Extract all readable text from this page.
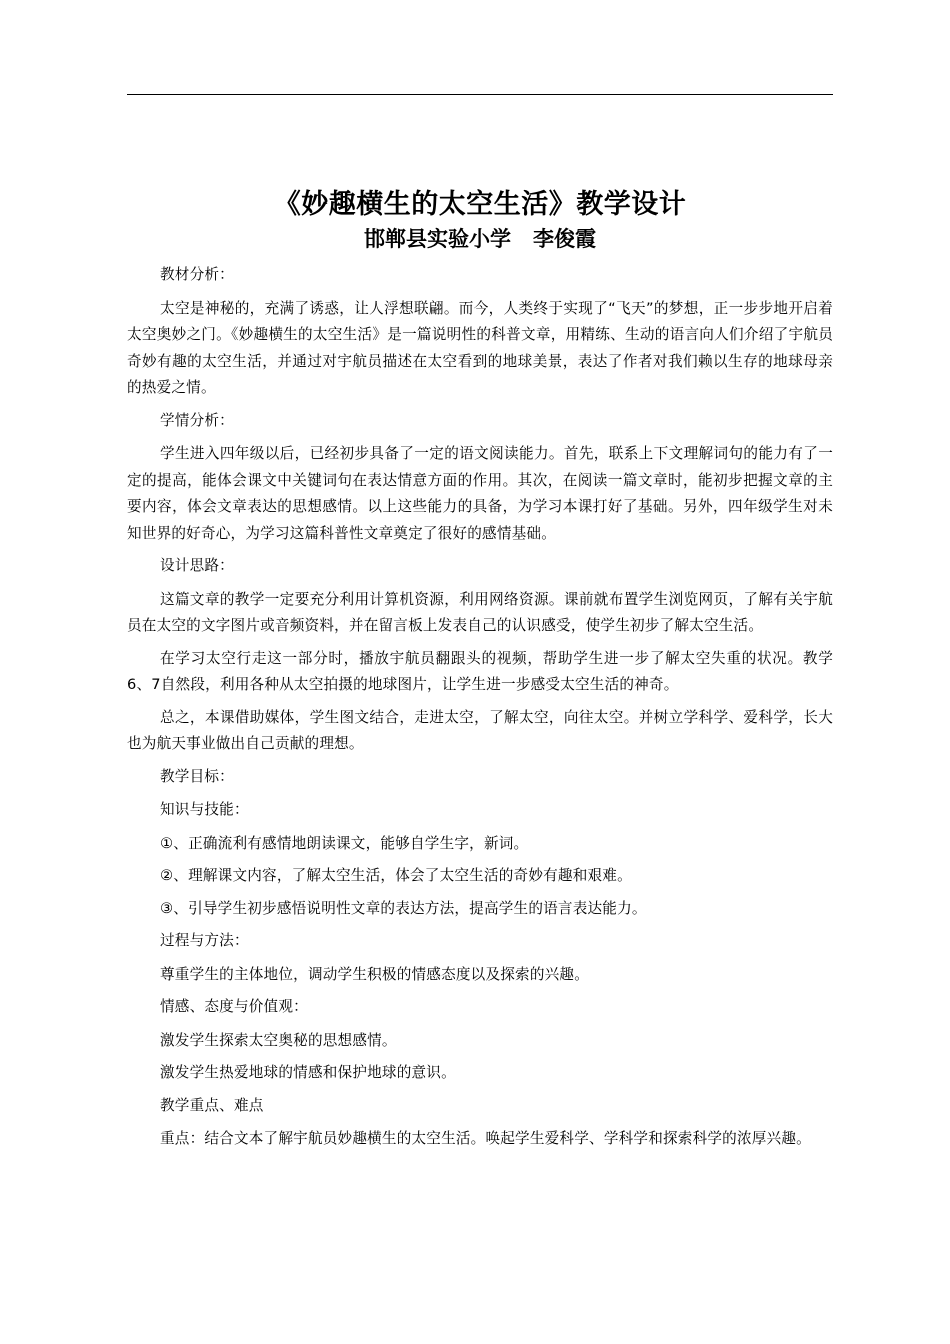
《妙趣横生的太空生活》教学设计

邯郸县实验小学   李俊霞

教材分析：

太空是神秘的，充满了诱惑，让人浮想联翩。而今，人类终于实现了“飞天”的梦想，正一步步地开启着太空奥妙之门。《妙趣横生的太空生活》是一篇说明性的科普文章，用精练、生动的语言向人们介绍了宇航员奇妙有趣的太空生活，并通过对宇航员描述在太空看到的地球美景，表达了作者对我们赖以生存的地球母亲的热爱之情。

学情分析：

学生进入四年级以后，已经初步具备了一定的语文阅读能力。首先，联系上下文理解词句的能力有了一定的提高，能体会课文中关键词句在表达情意方面的作用。其次，在阅读一篇文章时，能初步把握文章的主要内容，体会文章表达的思想感情。以上这些能力的具备，为学习本课打好了基础。另外，四年级学生对未知世界的好奇心，为学习这篇科普性文章奠定了很好的感情基础。

设计思路：

这篇文章的教学一定要充分利用计算机资源，利用网络资源。课前就布置学生浏览网页，了解有关宇航员在太空的文字图片或音频资料，并在留言板上发表自己的认识感受，使学生初步了解太空生活。

在学习太空行走这一部分时，播放宇航员翻跟头的视频，帮助学生进一步了解太空失重的状况。教学6、7自然段，利用各种从太空拍摄的地球图片，让学生进一步感受太空生活的神奇。

总之，本课借助媒体，学生图文结合，走进太空，了解太空，向往太空。并树立学科学、爱科学，长大也为航天事业做出自己贡献的理想。

教学目标：

知识与技能：

①、正确流利有感情地朗读课文，能够自学生字，新词。

②、理解课文内容，了解太空生活，体会了太空生活的奇妙有趣和艰难。

③、引导学生初步感悟说明性文章的表达方法，提高学生的语言表达能力。

过程与方法：

尊重学生的主体地位，调动学生积极的情感态度以及探索的兴趣。

情感、态度与价值观：

激发学生探索太空奥秘的思想感情。

激发学生热爱地球的情感和保护地球的意识。

教学重点、难点

重点：结合文本了解宇航员妙趣横生的太空生活。唤起学生爱科学、学科学和探索科学的浓厚兴趣。
